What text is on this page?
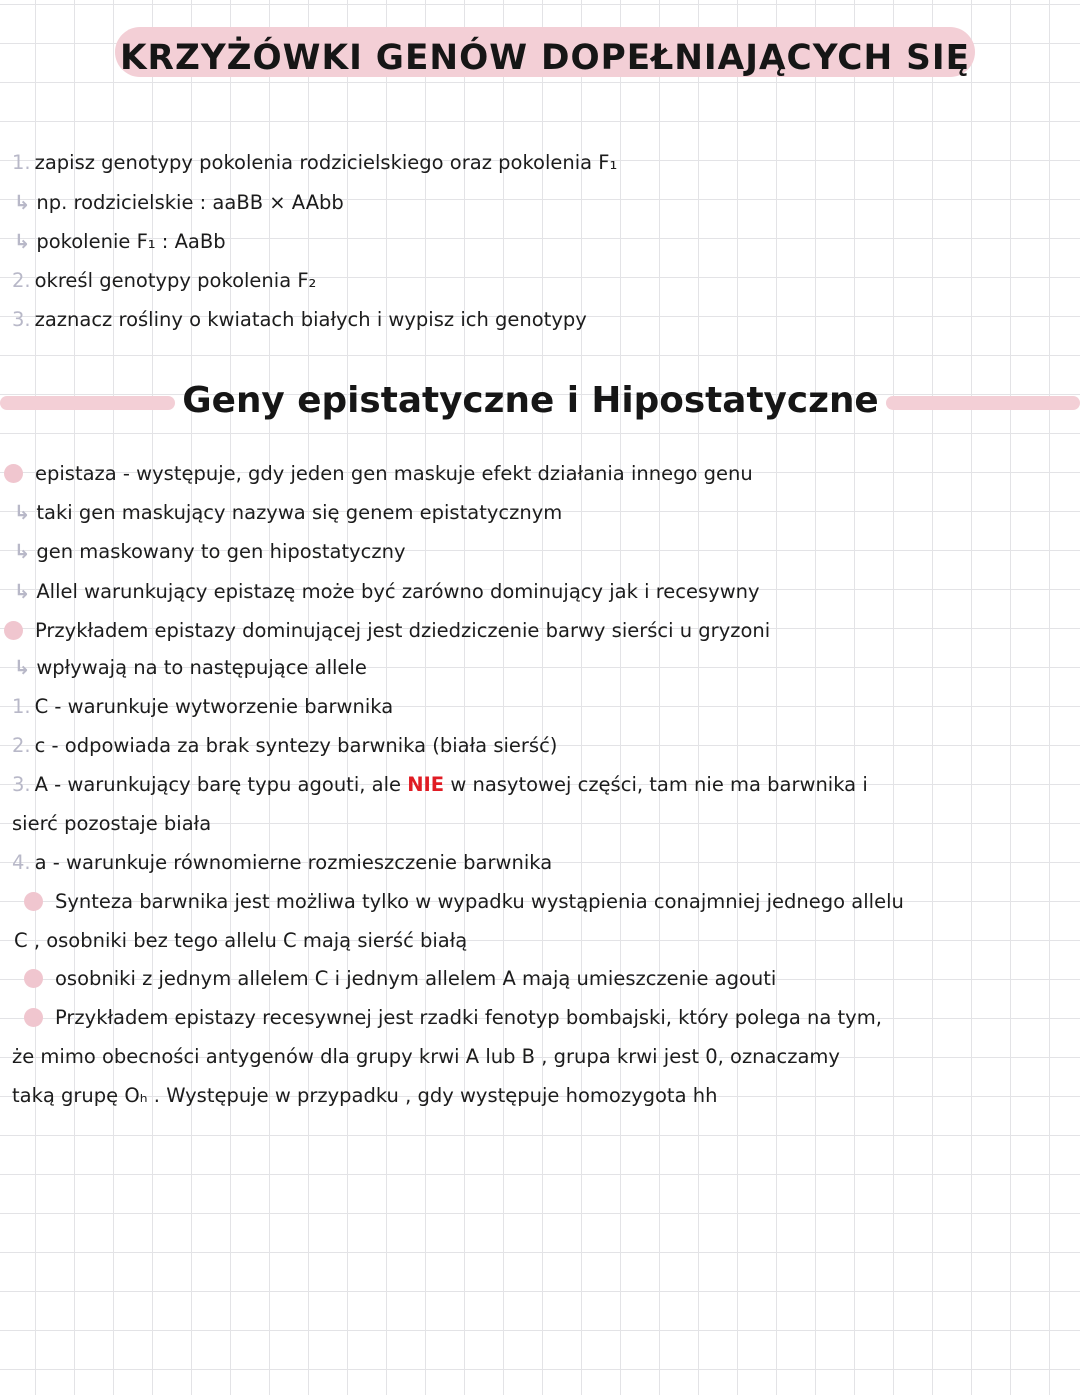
KRZYŻÓWKI GENÓW DOPEŁNIAJĄCYCH SIĘ
1. zapisz genotypy pokolenia rodzicielskiego oraz pokolenia F₁
↳ np. rodzicielskie : aaBB × AAbb
↳ pokolenie F₁ : AaBb
2. określ genotypy pokolenia F₂
3. zaznacz rośliny o kwiatach białych i wypisz ich genotypy
Geny epistatyczne i Hipostatyczne
epistaza - występuje, gdy jeden gen maskuje efekt działania innego genu
↳ taki gen maskujący nazywa się genem epistatycznym
↳ gen maskowany to gen hipostatyczny
↳ Allel warunkujący epistazę może być zarówno dominujący jak i recesywny
Przykładem epistazy dominującej jest dziedziczenie barwy sierści u gryzoni
↳ wpływają na to następujące allele
1. C - warunkuje wytworzenie barwnika
2. c - odpowiada za brak syntezy barwnika (biała sierść)
3. A - warunkujący barę typu agouti, ale NIE w nasytowej części, tam nie ma barwnika i
sierć pozostaje biała
4. a - warunkuje równomierne rozmieszczenie barwnika
Synteza barwnika jest możliwa tylko w wypadku wystąpienia conajmniej jednego allelu
C , osobniki bez tego allelu C mają sierść białą
osobniki z jednym allelem C i jednym allelem A mają umieszczenie agouti
Przykładem epistazy recesywnej jest rzadki fenotyp bombajski, który polega na tym,
że mimo obecności antygenów dla grupy krwi A lub B , grupa krwi jest 0, oznaczamy
taką grupę Oₕ . Występuje w przypadku , gdy występuje homozygota hh
